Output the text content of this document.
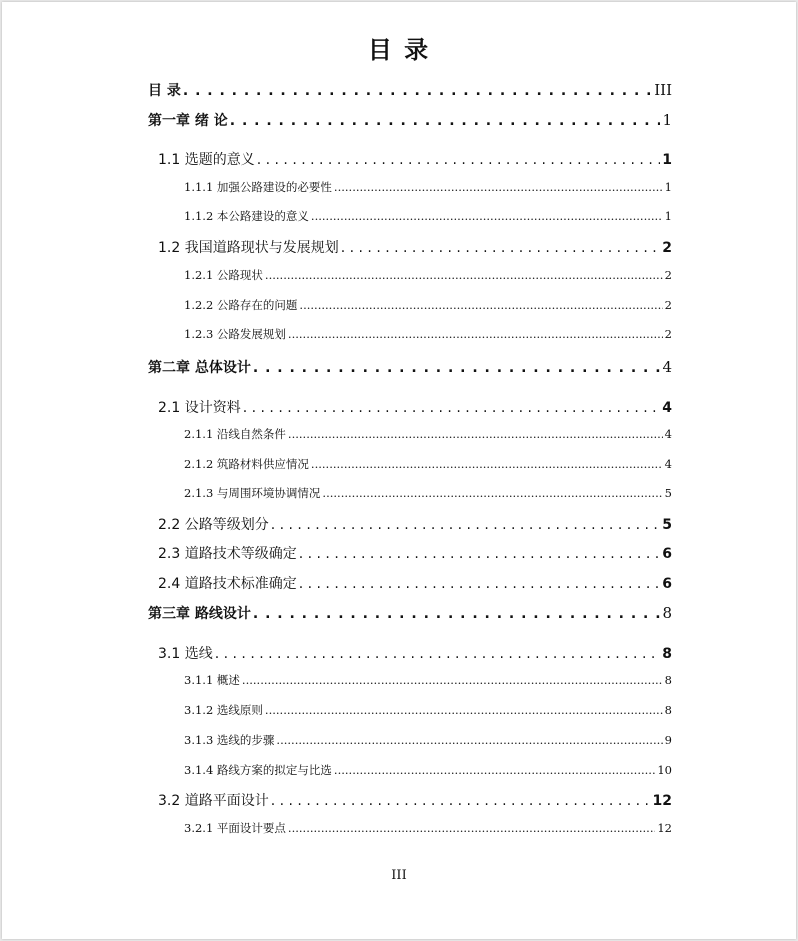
目 录
目 录 . . .	III
第一章 绪 论 . . .	1
1.1 选题的意义 . . .	1
1.1.1 加强公路建设的必要性 .....	1
1.1.2 本公路建设的意义 .....	1
1.2 我国道路现状与发展规划 . . .	2
1.2.1 公路现状 .....	2
1.2.2 公路存在的问题 .....	2
1.2.3 公路发展规划 .....	2
第二章 总体设计 . . .	4
2.1 设计资料 . . .	4
2.1.1 沿线自然条件 .....	4
2.1.2 筑路材料供应情况 .....	4
2.1.3 与周围环境协调情况 .....	5
2.2 公路等级划分 . . .	5
2.3 道路技术等级确定 . . .	6
2.4 道路技术标准确定 . . .	6
第三章 路线设计 . . .	8
3.1 选线 . . .	8
3.1.1 概述 .....	8
3.1.2 选线原则 .....	8
3.1.3 选线的步骤 .....	9
3.1.4 路线方案的拟定与比选 .....	10
3.2 道路平面设计 . . .	12
3.2.1 平面设计要点 .....	12
III
